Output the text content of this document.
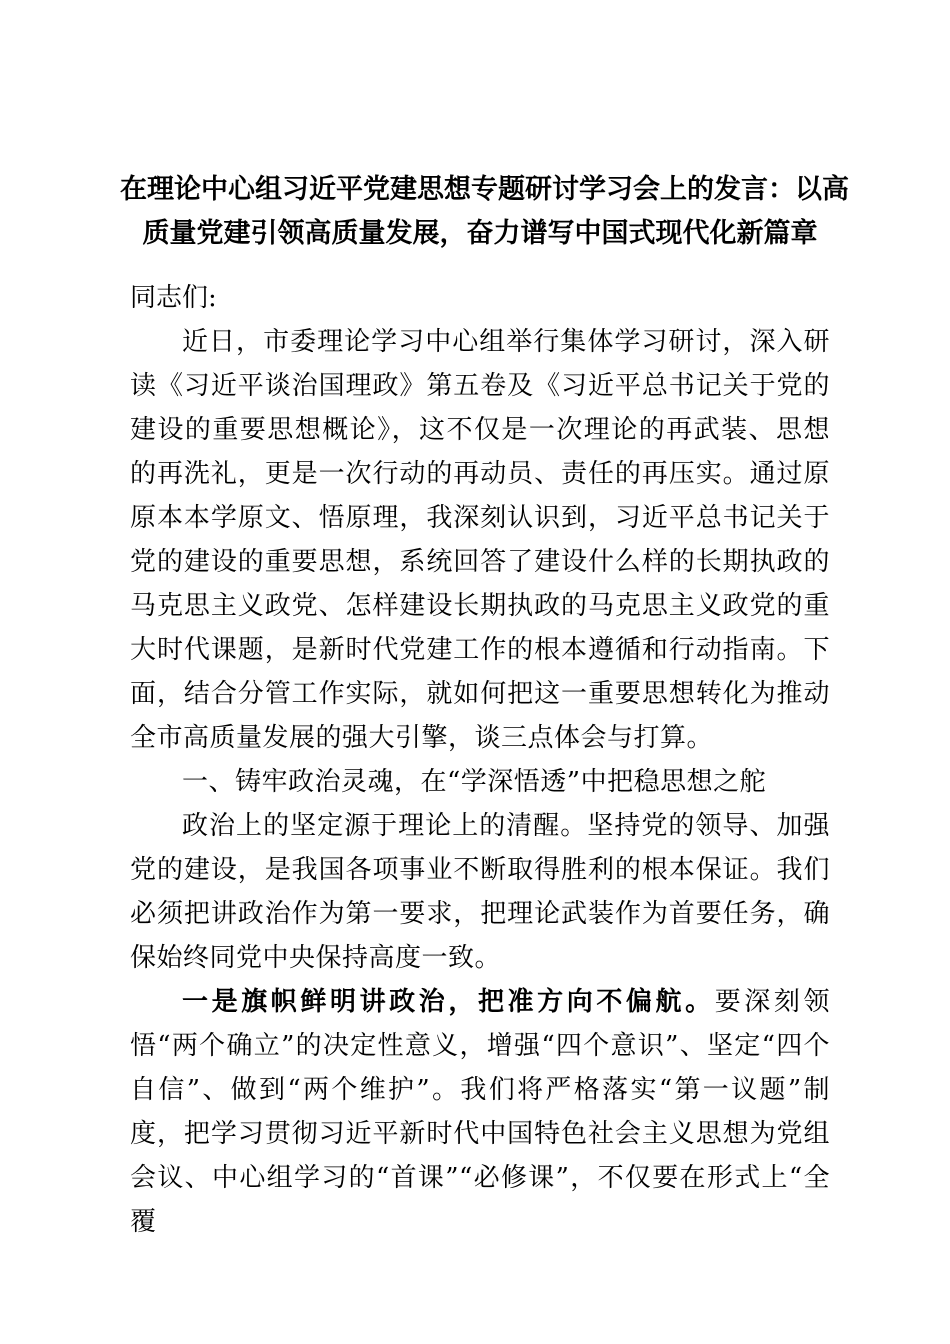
在理论中心组习近平党建思想专题研讨学习会上的发言：以高
质量党建引领高质量发展，奋力谱写中国式现代化新篇章

同志们:

近日，市委理论学习中心组举行集体学习研讨，深入研读《习近平谈治国理政》第五卷及《习近平总书记关于党的建设的重要思想概论》，这不仅是一次理论的再武装、思想的再洗礼，更是一次行动的再动员、责任的再压实。通过原原本本学原文、悟原理，我深刻认识到，习近平总书记关于党的建设的重要思想，系统回答了建设什么样的长期执政的马克思主义政党、怎样建设长期执政的马克思主义政党的重大时代课题，是新时代党建工作的根本遵循和行动指南。下面，结合分管工作实际，就如何把这一重要思想转化为推动全市高质量发展的强大引擎，谈三点体会与打算。

一、铸牢政治灵魂，在“学深悟透”中把稳思想之舵

政治上的坚定源于理论上的清醒。坚持党的领导、加强党的建设，是我国各项事业不断取得胜利的根本保证。我们必须把讲政治作为第一要求，把理论武装作为首要任务，确保始终同党中央保持高度一致。

一是旗帜鲜明讲政治，把准方向不偏航。要深刻领悟“两个确立”的决定性意义，增强“四个意识”、坚定“四个自信”、做到“两个维护”。我们将严格落实“第一议题”制度，把学习贯彻习近平新时代中国特色社会主义思想为党组会议、中心组学习的“首课”“必修课”，不仅要在形式上“全覆
